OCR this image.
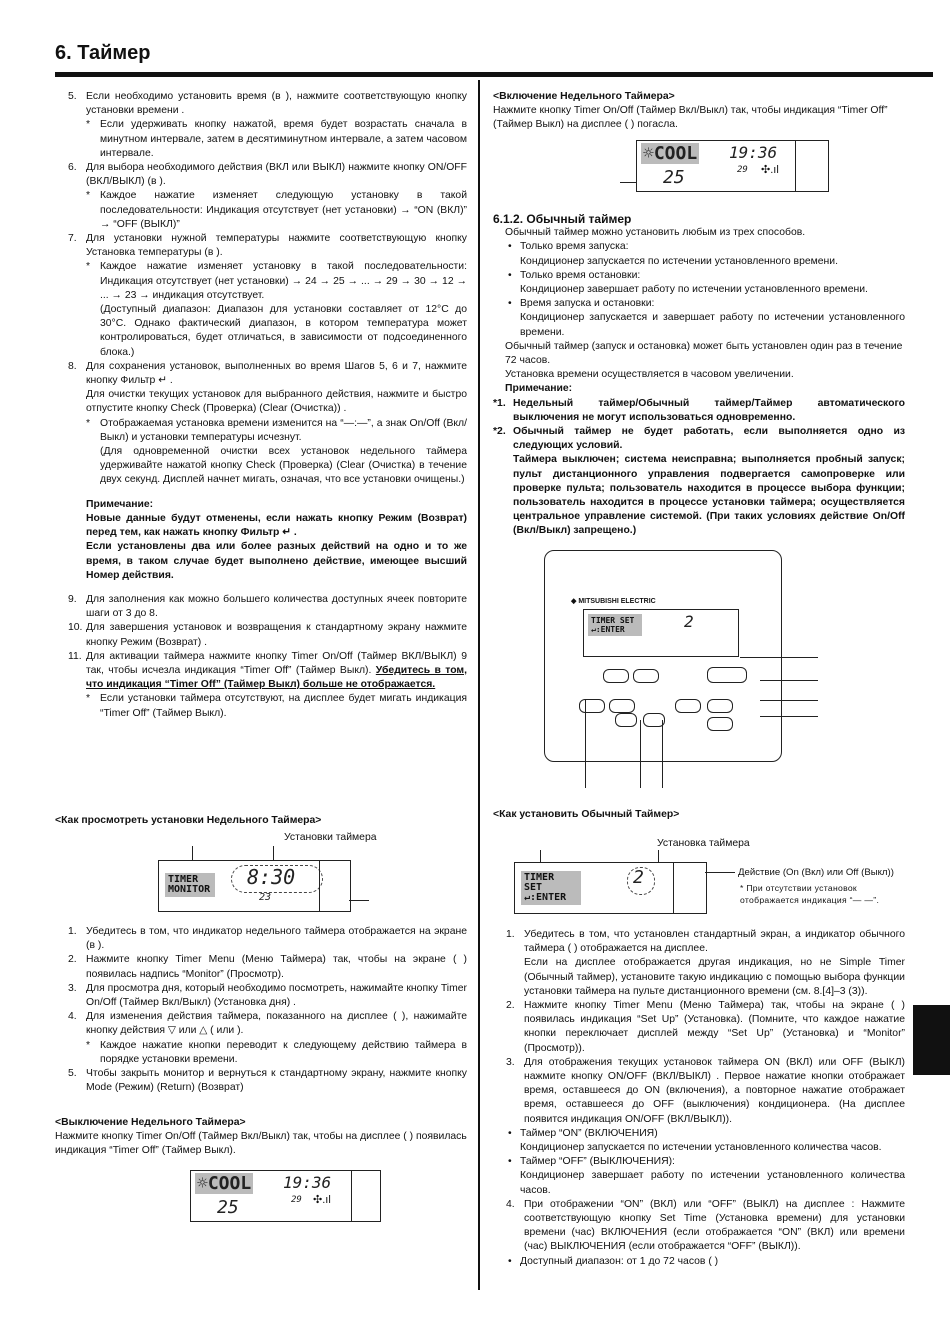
6. Таймер

5. Если необходимо установить время (в ), нажмите соответствующую кнопку установки времени .

* Если удерживать кнопку нажатой, время будет возрастать сначала в минутном интервале, затем в десятиминутном интервале, а затем часовом интервале.

6. Для выбора необходимого действия (ВКЛ или ВЫКЛ) нажмите кнопку ON/OFF (ВКЛ/ВЫКЛ) (в ).

* Каждое нажатие изменяет следующую установку в такой последовательности: Индикация отсутствует (нет установки) → “ON (ВКЛ)” → “OFF (ВЫКЛ)”

7. Для установки нужной температуры нажмите соответствующую кнопку Установка температуры (в ).

* Каждое нажатие изменяет установку в такой последовательности: Индикация отсутствует (нет установки) → 24 → 25 → ... → 29 → 30 → 12 → ... → 23 → индикация отсутствует.

(Доступный диапазон: Диапазон для установки составляет от 12°C до 30°C. Однако фактический диапазон, в котором температура может контролироваться, будет отличаться, в зависимости от подсоединенного блока.)

8. Для сохранения установок, выполненных во время Шагов 5, 6 и 7, нажмите кнопку Фильтр ↵ .

Для очистки текущих установок для выбранного действия, нажмите и быстро отпустите кнопку Check (Проверка) (Clear (Очистка)) .

* Отображаемая установка времени изменится на “—:—”, а знак On/Off (Вкл/Выкл) и установки температуры исчезнут.

(Для одновременной очистки всех установок недельного таймера удерживайте нажатой кнопку Check (Проверка) (Clear (Очистка) в течение двух секунд. Дисплей начнет мигать, означая, что все установки очищены.)

Примечание:

Новые данные будут отменены, если нажать кнопку Режим (Возврат) перед тем, как нажать кнопку Фильтр ↵ .

Если установлены два или более разных действий на одно и то же время, в таком случае будет выполнено действие, имеющее высший Номер действия.

9. Для заполнения как можно большего количества доступных ячеек повторите шаги от 3 до 8.

10. Для завершения установок и возвращения к стандартному экрану нажмите кнопку Режим (Возврат) .

11. Для активации таймера нажмите кнопку Timer On/Off (Таймер ВКЛ/ВЫКЛ) 9 так, чтобы исчезла индикация “Timer Off” (Таймер Выкл). Убедитесь в том, что индикация “Timer Off” (Таймер Выкл) больше не отображается.

* Если установки таймера отсутствуют, на дисплее будет мигать индикация “Timer Off” (Таймер Выкл).

<Как просмотреть установки Недельного Таймера>

Установки таймера
TIMER MONITOR
8:30
23

1. Убедитесь в том, что индикатор недельного таймера отображается на экране (в ).

2. Нажмите кнопку Timer Menu (Меню Таймера) так, чтобы на экране ( ) появилась надпись “Monitor” (Просмотр).

3. Для просмотра дня, который необходимо посмотреть, нажимайте кнопку Timer On/Off (Таймер Вкл/Выкл) (Установка дня) .

4. Для изменения действия таймера, показанного на дисплее ( ), нажимайте кнопку действия ▽ или △ ( или ).

* Каждое нажатие кнопки переводит к следующему действию таймера в порядке установки времени.

5. Чтобы закрыть монитор и вернуться к стандартному экрану, нажмите кнопку Mode (Режим) (Return) (Возврат)

<Выключение Недельного Таймера>

Нажмите кнопку Timer On/Off (Таймер Вкл/Выкл) так, чтобы на дисплее ( ) появилась индикация “Timer Off” (Таймер Выкл).

☼COOL 19:36
25	29 ✣.ıl

<Включение Недельного Таймера>

Нажмите кнопку Timer On/Off (Таймер Вкл/Выкл) так, чтобы индикация “Timer Off” (Таймер Выкл) на дисплее ( ) погасла.

☼COOL 19:36
25	29 ✣.ıl

6.1.2. Обычный таймер

Обычный таймер можно установить любым из трех способов.

• Только время запуска:

Кондиционер запускается по истечении установленного времени.

• Только время остановки:

Кондиционер завершает работу по истечении установленного времени.

• Время запуска и остановки:

Кондиционер запускается и завершает работу по истечении установленного времени.

Обычный таймер (запуск и остановка) может быть установлен один раз в течение 72 часов.

Установка времени осуществляется в часовом увеличении.

Примечание:

*1. Недельный таймер/Обычный таймер/Таймер автоматического выключения не могут использоваться одновременно.

*2. Обычный таймер не будет работать, если выполняется одно из следующих условий.

Таймера выключен; система неисправна; выполняется пробный запуск; пульт дистанционного управления подвергается самопроверке или проверке пульта; пользователь находится в процессе выбора функции; пользователь находится в процессе установки таймера; осуществляется центральное управление системой. (При таких условиях действие On/Off (Вкл/Выкл) запрещено.)

◆ MITSUBISHI ELECTRIC
TIMER SET ↵:ENTER	2

<Как установить Обычный Таймер>

Установка таймера
TIMER SET ↵:ENTER
2	Действие (On (Вкл) или Off (Выкл))
* При отсутствии установок отображается индикация “— —”.

1. Убедитесь в том, что установлен стандартный экран, а индикатор обычного таймера ( ) отображается на дисплее.

Если на дисплее отображается другая индикация, но не Simple Timer (Обычный таймер), установите такую индикацию с помощью выбора функции установки таймера на пульте дистанционного времени (см. 8.[4]–3 (3)).

2. Нажмите кнопку Timer Menu (Меню Таймера) так, чтобы на экране ( ) появилась индикация “Set Up” (Установка). (Помните, что каждое нажатие кнопки переключает дисплей между “Set Up” (Установка) и “Monitor” (Просмотр)).

3. Для отображения текущих установок таймера ON (ВКЛ) или OFF (ВЫКЛ) нажмите кнопку ON/OFF (ВКЛ/ВЫКЛ) . Первое нажатие кнопки отображает время, оставшееся до ON (включения), а повторное нажатие отображает время, оставшееся до OFF (выключения) кондиционера. (На дисплее появится индикация ON/OFF (ВКЛ/ВЫКЛ)).

• Таймер “ON” (ВКЛЮЧЕНИЯ)

Кондиционер запускается по истечении установленного количества часов.

• Таймер “OFF” (ВЫКЛЮЧЕНИЯ):

Кондиционер завершает работу по истечении установленного количества часов.

4. При отображении “ON” (ВКЛ) или “OFF” (ВЫКЛ) на дисплее : Нажмите соответствующую кнопку Set Time (Установка времени) для установки времени (час) ВКЛЮЧЕНИЯ (если отображается “ON” (ВКЛ) или времени (час) ВЫКЛЮЧЕНИЯ (если отображается “OFF” (ВЫКЛ)).

• Доступный диапазон: от 1 до 72 часов ( )
